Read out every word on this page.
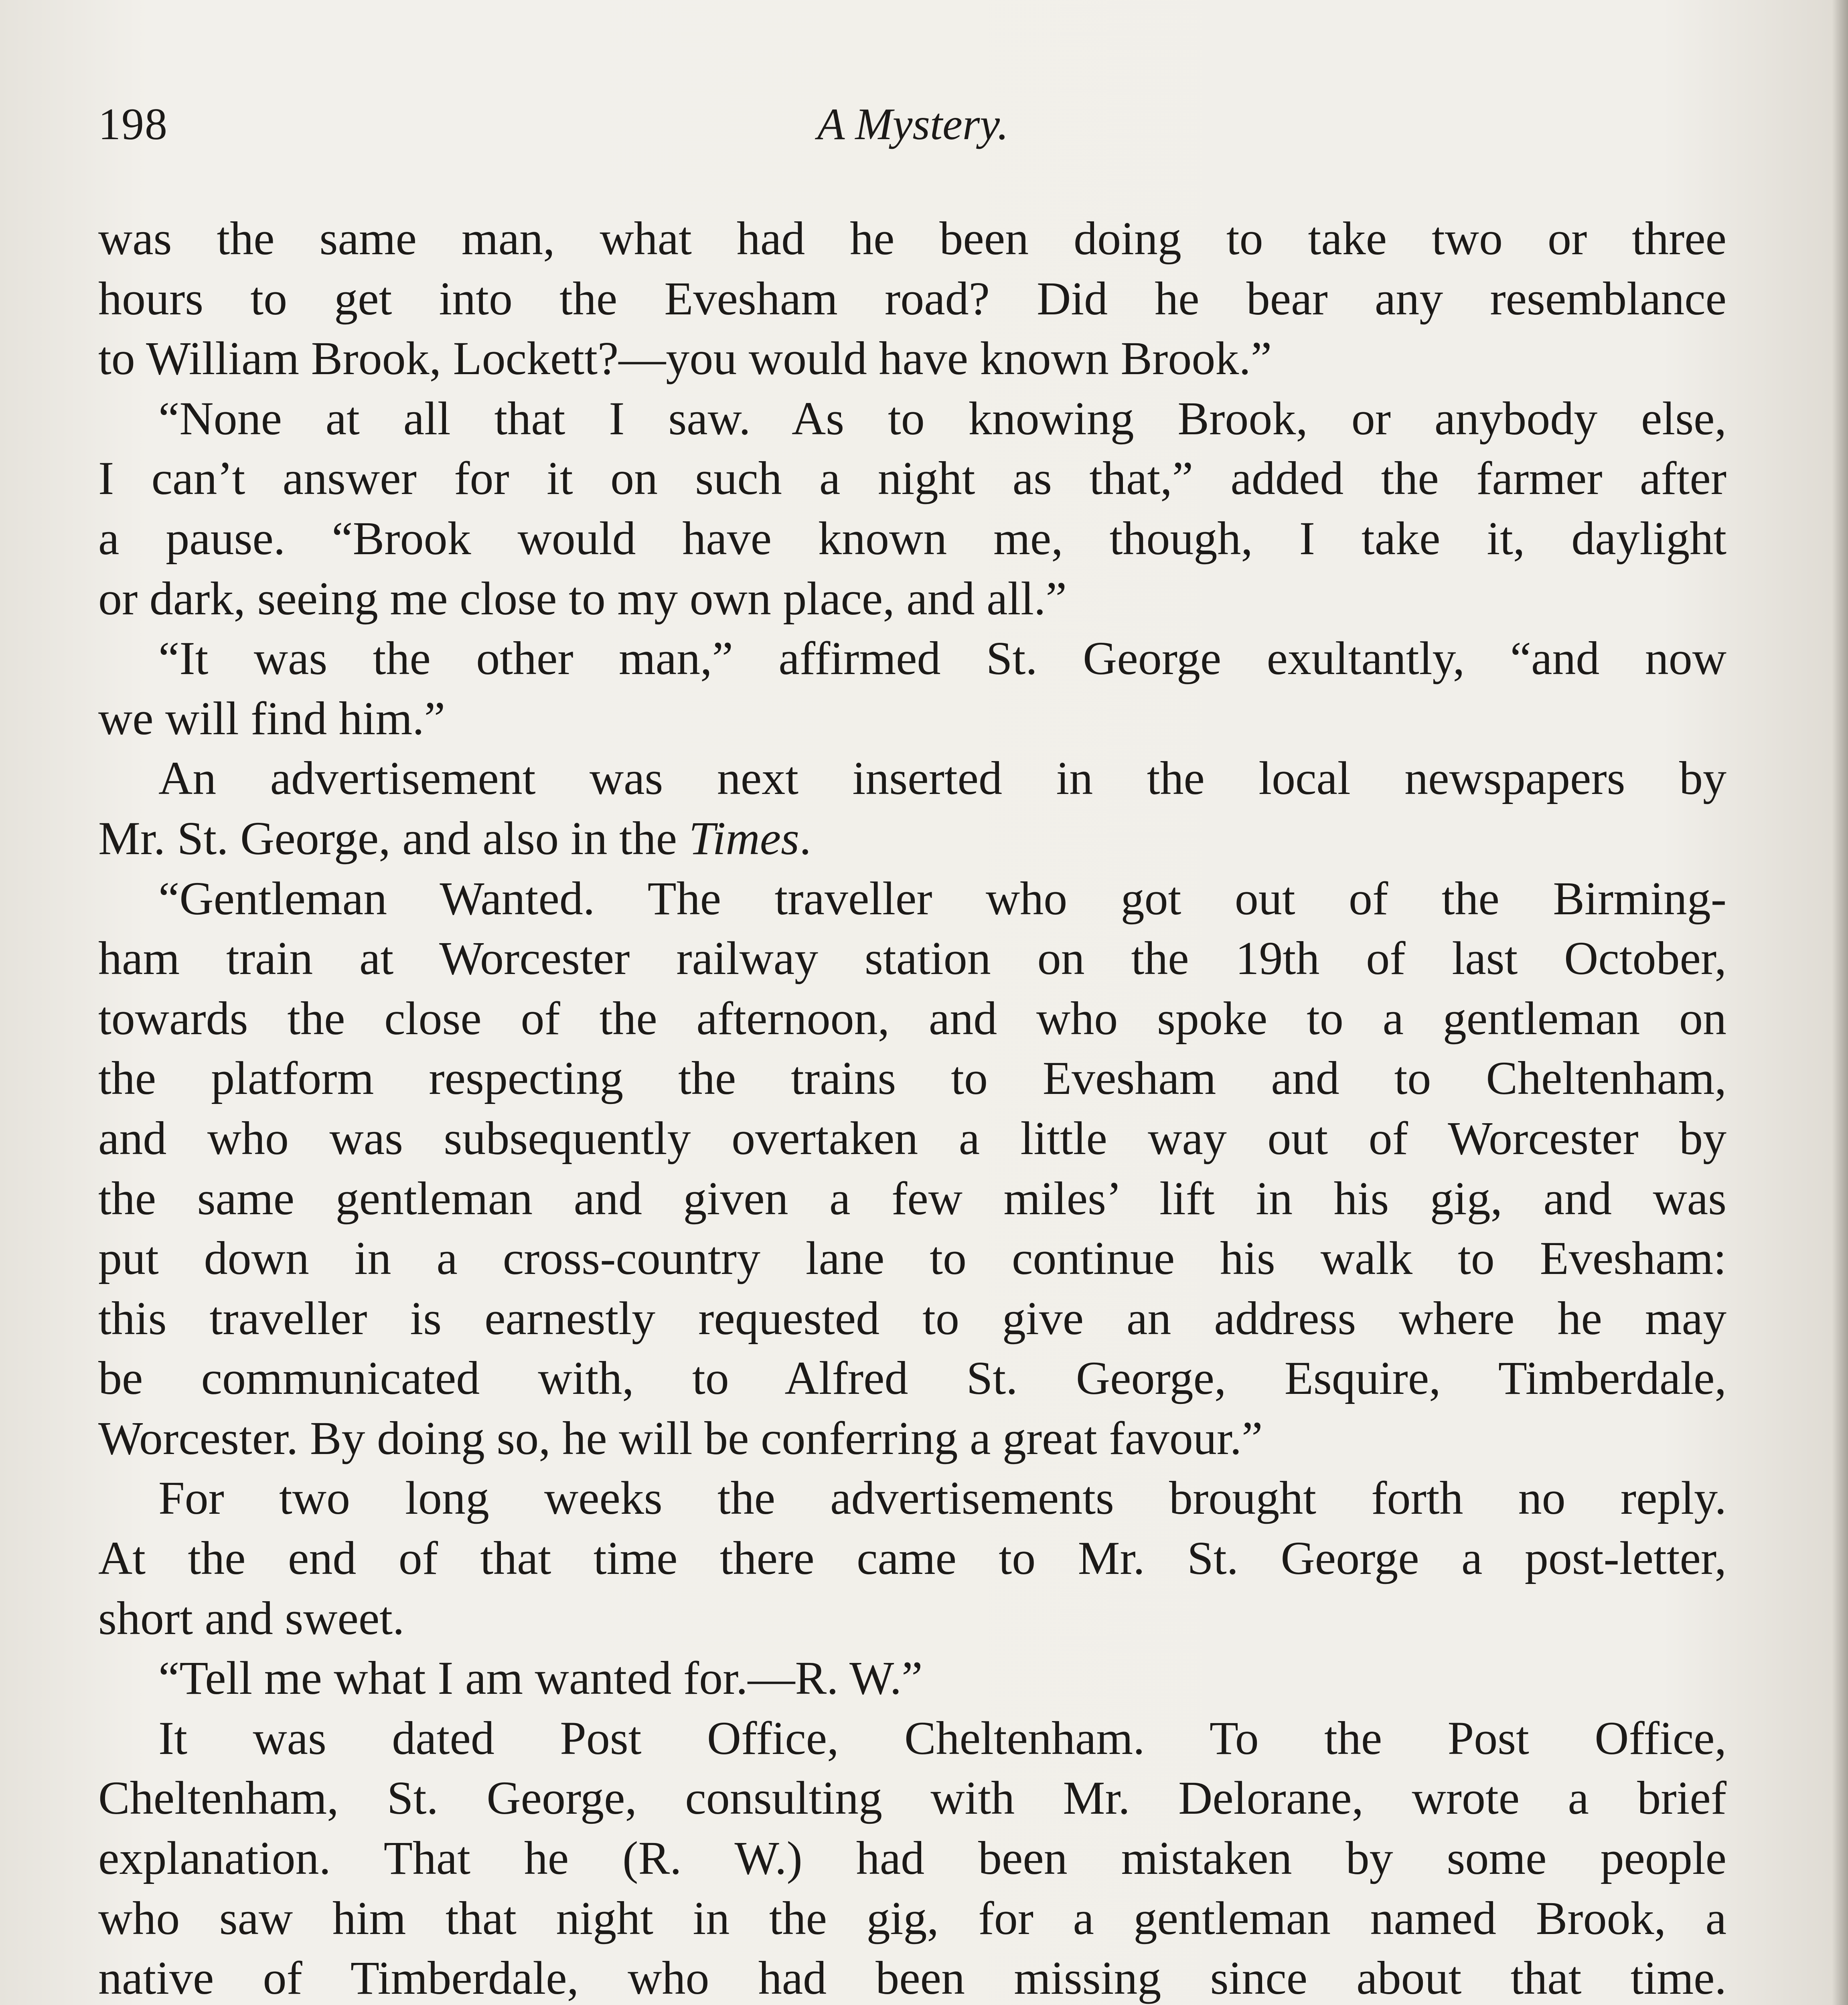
198	A Mystery.
was the same man, what had he been doing to take two or three
hours to get into the Evesham road? Did he bear any resemblance
to William Brook, Lockett?—you would have known Brook.”
“None at all that I saw. As to knowing Brook, or anybody else,
I can’t answer for it on such a night as that,” added the farmer after
a pause. “Brook would have known me, though, I take it, daylight
or dark, seeing me close to my own place, and all.”
“It was the other man,” affirmed St. George exultantly, “and now
we will find him.”
An advertisement was next inserted in the local newspapers by
Mr. St. George, and also in the Times.
“Gentleman Wanted. The traveller who got out of the Birming-
ham train at Worcester railway station on the 19th of last October,
towards the close of the afternoon, and who spoke to a gentleman on
the platform respecting the trains to Evesham and to Cheltenham,
and who was subsequently overtaken a little way out of Worcester by
the same gentleman and given a few miles’ lift in his gig, and was
put down in a cross-country lane to continue his walk to Evesham:
this traveller is earnestly requested to give an address where he may
be communicated with, to Alfred St. George, Esquire, Timberdale,
Worcester. By doing so, he will be conferring a great favour.”
For two long weeks the advertisements brought forth no reply.
At the end of that time there came to Mr. St. George a post-letter,
short and sweet.
“Tell me what I am wanted for.—R. W.”
It was dated Post Office, Cheltenham. To the Post Office,
Cheltenham, St. George, consulting with Mr. Delorane, wrote a brief
explanation. That he (R. W.) had been mistaken by some people
who saw him that night in the gig, for a gentleman named Brook, a
native of Timberdale, who had been missing since about that time.
